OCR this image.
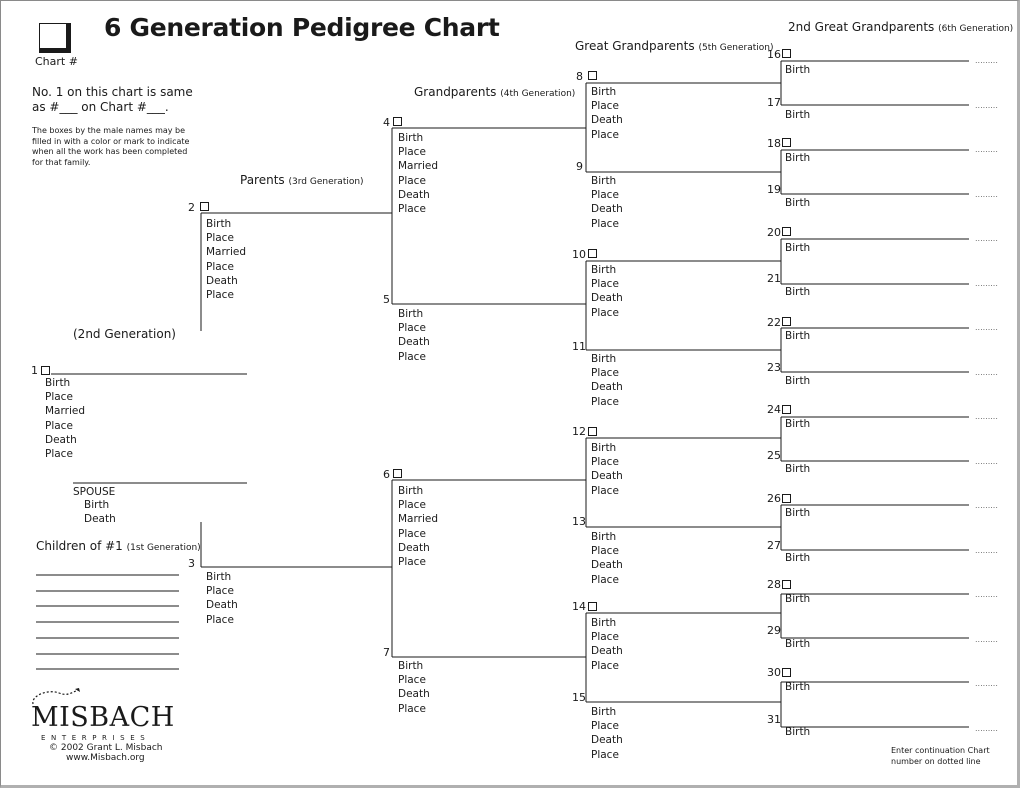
Chart #
6 Generation Pedigree Chart
No. 1 on this chart is same
as #___ on Chart #___.
The boxes by the male names may be filled in with a color or mark to indicate when all the work has been completed for that family.
(2nd Generation)
Parents (3rd Generation)
Grandparents (4th Generation)
Great Grandparents (5th Generation)
2nd Great Grandparents (6th Generation)
1
Birth
Place
Married
Place
Death
Place
SPOUSE
Birth
Death
Children of #1 (1st Generation)
2
Birth
Place
Married
Place
Death
Place
3
Birth
Place
Death
Place
4
Birth
Place
Married
Place
Death
Place
5
Birth
Place
Death
Place
6
Birth
Place
Married
Place
Death
Place
7
Birth
Place
Death
Place
8
Birth
Place
Death
Place
9
Birth
Place
Death
Place
10
Birth
Place
Death
Place
11
Birth
Place
Death
Place
12
Birth
Place
Death
Place
13
Birth
Place
Death
Place
14
Birth
Place
Death
Place
15
Birth
Place
Death
Place
16
Birth
17
Birth
18
Birth
19
Birth
20
Birth
21
Birth
22
Birth
23
Birth
24
Birth
25
Birth
26
Birth
27
Birth
28
Birth
29
Birth
30
Birth
31
Birth
.........
.........
.........
.........
.........
.........
.........
.........
.........
.........
.........
.........
.........
.........
.........
.........
MISBACH
ENTERPRISES
© 2002 Grant L. Misbach
www.Misbach.org
Enter continuation Chart
number on dotted line
